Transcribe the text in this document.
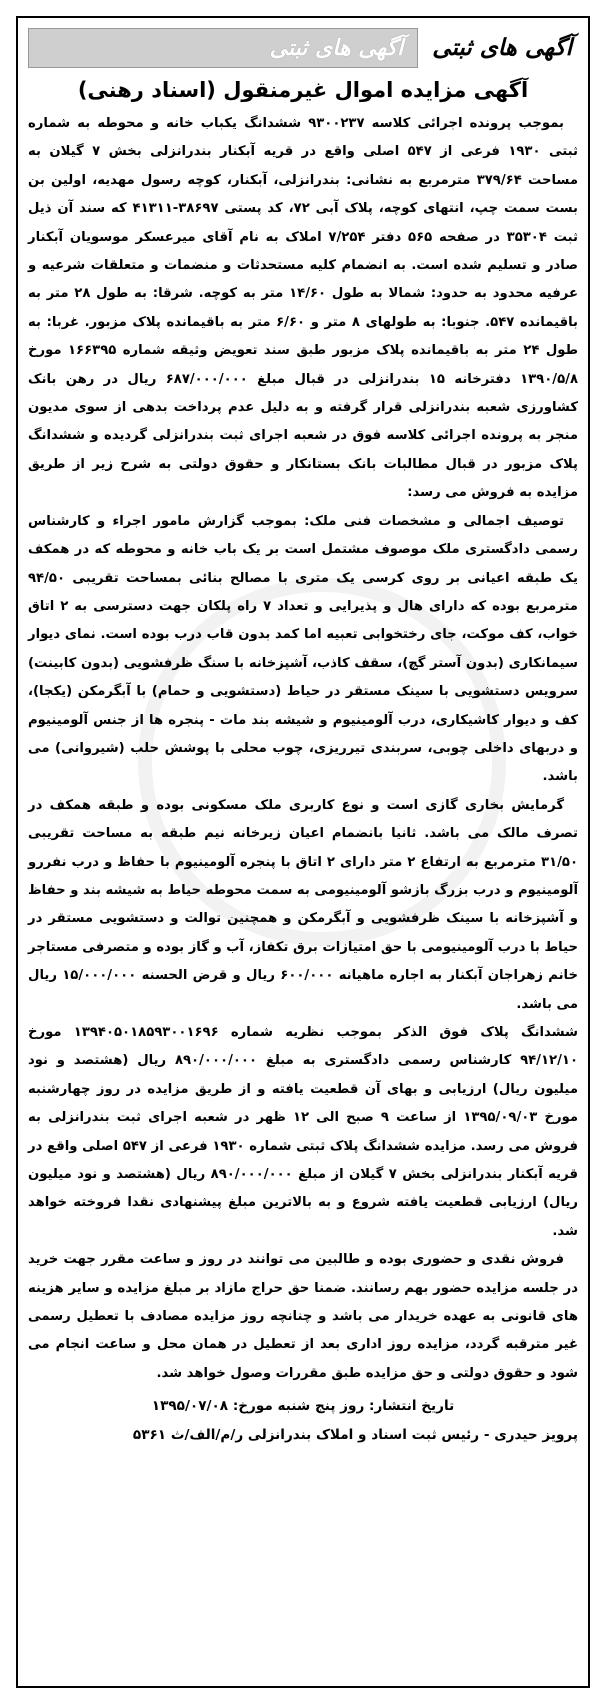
آگهی های ثبتی
آگهی های ثبتی
آگهی مزایده اموال غیرمنقول (اسناد رهنی)

بموجب پرونده اجرائی کلاسه ۹۳۰۰۲۳۷ ششدانگ یکباب خانه و محوطه به شماره ثبتی ۱۹۳۰ فرعی از ۵۴۷ اصلی واقع در قریه آبکنار بندرانزلی بخش ۷ گیلان به مساحت ۳۷۹/۶۴ مترمربع به نشانی: بندرانزلی، آبکنار، کوچه رسول مهدیه، اولین بن بست سمت چپ، انتهای کوچه، پلاک آبی ۷۲، کد پستی ۳۸۶۹۷-۴۱۳۱۱ که سند آن ذیل ثبت ۳۵۳۰۴ در صفحه ۵۶۵ دفتر ۷/۲۵۴ املاک به نام آقای میرعسکر موسویان آبکنار صادر و تسلیم شده است. به انضمام کلیه مستحدثات و منضمات و متعلقات شرعیه و عرفیه محدود به حدود: شمالا به طول ۱۴/۶۰ متر به کوچه. شرقا: به طول ۲۸ متر به باقیمانده ۵۴۷. جنوبا: به طولهای ۸ متر و ۶/۶۰ متر به باقیمانده پلاک مزبور. غربا: به طول ۲۴ متر به باقیمانده پلاک مزبور طبق سند تعویض وثیقه شماره ۱۶۶۳۹۵ مورخ ۱۳۹۰/۵/۸ دفترخانه ۱۵ بندرانزلی در قبال مبلغ ۶۸۷/۰۰۰/۰۰۰ ریال در رهن بانک کشاورزی شعبه بندرانزلی قرار گرفته و به دلیل عدم پرداخت بدهی از سوی مدیون منجر به پرونده اجرائی کلاسه فوق در شعبه اجرای ثبت بندرانزلی گردیده و ششدانگ پلاک مزبور در قبال مطالبات بانک بستانکار و حقوق دولتی به شرح زیر از طریق مزایده به فروش می رسد:

توصیف اجمالی و مشخصات فنی ملک: بموجب گزارش مامور اجراء و کارشناس رسمی دادگستری ملک موصوف مشتمل است بر یک باب خانه و محوطه که در همکف یک طبقه اعیانی بر روی کرسی یک متری با مصالح بنائی بمساحت تقریبی ۹۴/۵۰ مترمربع بوده که دارای هال و پذیرایی و تعداد ۷ راه پلکان جهت دسترسی به ۲ اتاق خواب، کف موکت، جای رختخوابی تعبیه اما کمد بدون قاب درب بوده است. نمای دیوار سیمانکاری (بدون آستر گچ)، سقف کاذب، آشپزخانه با سنگ ظرفشویی (بدون کابینت) سرویس دستشویی با سینک مستقر در حیاط (دستشویی و حمام) با آبگرمکن (یکجا)، کف و دیوار کاشیکاری، درب آلومینیوم و شیشه بند مات - پنجره ها از جنس آلومینیوم و دربهای داخلی چوبی، سربندی تیرریزی، چوب محلی با پوشش حلب (شیروانی) می باشد.

گرمایش بخاری گازی است و نوع کاربری ملک مسکونی بوده و طبقه همکف در تصرف مالک می باشد. ثانیا بانضمام اعیان زیرخانه نیم طبقه به مساحت تقریبی ۳۱/۵۰ مترمربع به ارتفاع ۲ متر دارای ۲ اتاق با پنجره آلومینیوم با حفاظ و درب نفررو آلومینیوم و درب بزرگ بازشو آلومینیومی به سمت محوطه حیاط به شیشه بند و حفاظ و آشپزخانه با سینک ظرفشویی و آبگرمکن و همچنین توالت و دستشویی مستقر در حیاط با درب آلومینیومی با حق امتیازات برق تکفاز، آب و گاز بوده و متصرفی مستاجر خانم زهراجان آبکنار به اجاره ماهیانه ۶۰۰/۰۰۰ ریال و قرض الحسنه ۱۵/۰۰۰/۰۰۰ ریال می باشد.

ششدانگ پلاک فوق الذکر بموجب نظریه شماره ۱۳۹۴۰۵۰۱۸۵۹۳۰۰۱۶۹۶ مورخ ۹۴/۱۲/۱۰ کارشناس رسمی دادگستری به مبلغ ۸۹۰/۰۰۰/۰۰۰ ریال (هشتصد و نود میلیون ریال) ارزیابی و بهای آن قطعیت یافته و از طریق مزایده در روز چهارشنبه مورخ ۱۳۹۵/۰۹/۰۳ از ساعت ۹ صبح الی ۱۲ ظهر در شعبه اجرای ثبت بندرانزلی به فروش می رسد. مزایده ششدانگ پلاک ثبتی شماره ۱۹۳۰ فرعی از ۵۴۷ اصلی واقع در قریه آبکنار بندرانزلی بخش ۷ گیلان از مبلغ ۸۹۰/۰۰۰/۰۰۰ ریال (هشتصد و نود میلیون ریال) ارزیابی قطعیت یافته شروع و به بالاترین مبلغ پیشنهادی نقدا فروخته خواهد شد.

فروش نقدی و حضوری بوده و طالبین می توانند در روز و ساعت مقرر جهت خرید در جلسه مزایده حضور بهم رسانند. ضمنا حق حراج مازاد بر مبلغ مزایده و سایر هزینه های قانونی به عهده خریدار می باشد و چنانچه روز مزایده مصادف با تعطیل رسمی غیر مترقبه گردد، مزایده روز اداری بعد از تعطیل در همان محل و ساعت انجام می شود و حقوق دولتی و حق مزایده طبق مقررات وصول خواهد شد.

تاریخ انتشار: روز پنج شنبه مورخ: ۱۳۹۵/۰۷/۰۸
پرویز حیدری - رئیس ثبت اسناد و املاک بندرانزلی ر/م/الف/ث ۵۳۶۱
